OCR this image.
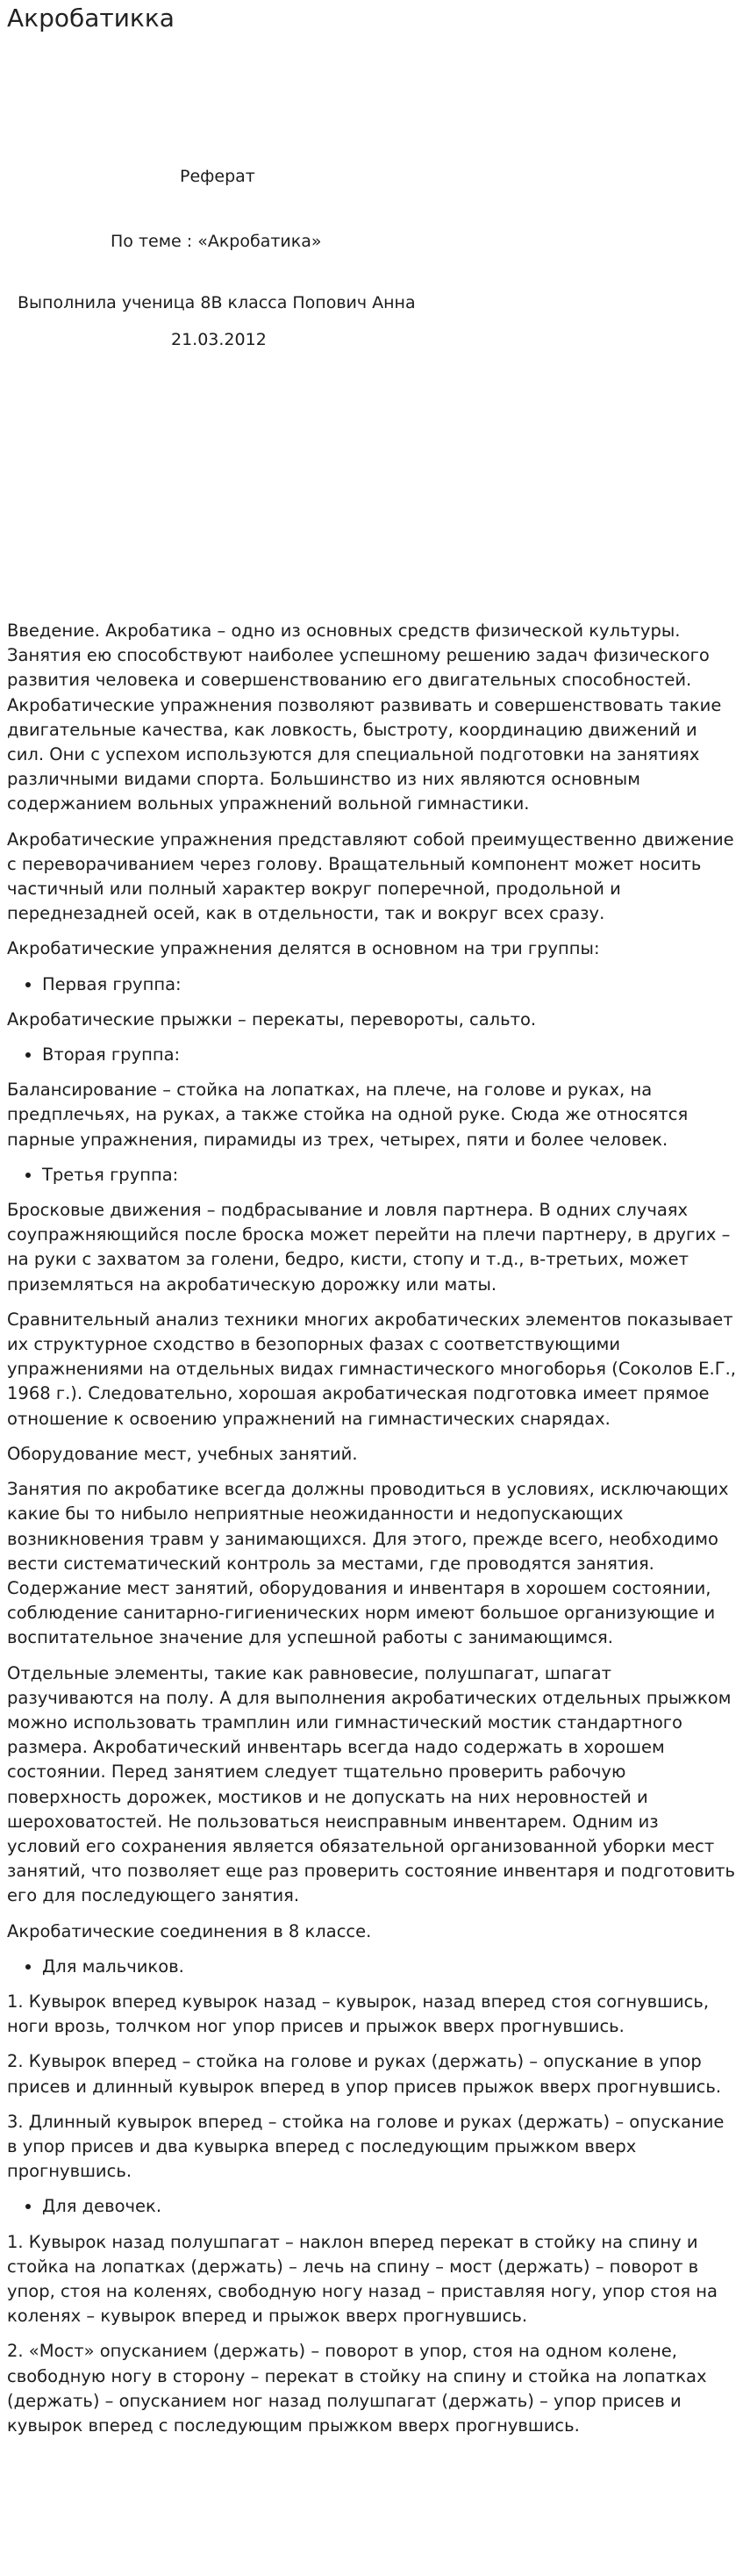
Акробатикка
Реферат
По теме : «Акробатика»
Выполнила ученица 8В класса Попович Анна
21.03.2012

Введение. Акробатика – одно из основных средств физической культуры. Занятия ею способствуют наиболее успешному решению задач физического развития человека и совершенствованию его двигательных способностей. Акробатические упражнения позволяют развивать и совершенствовать такие двигательные качества, как ловкость, быстроту, координацию движений и сил. Они с успехом используются для специальной подготовки на занятиях различными видами спорта. Большинство из них являются основным содержанием вольных упражнений вольной гимнастики.

Акробатические упражнения представляют собой преимущественно движение с переворачиванием через голову. Вращательный компонент может носить частичный или полный характер вокруг поперечной, продольной и переднезадней осей, как в отдельности, так и вокруг всех сразу.

Акробатические упражнения делятся в основном на три группы:

• Первая группа:

Акробатические прыжки – перекаты, перевороты, сальто.

• Вторая группа:

Балансирование – стойка на лопатках, на плече, на голове и руках, на предплечьях, на руках, а также стойка на одной руке. Сюда же относятся парные упражнения, пирамиды из трех, четырех, пяти и более человек.

• Третья группа:

Бросковые движения – подбрасывание и ловля партнера. В одних случаях соупражняющийся после броска может перейти на плечи партнеру, в других – на руки с захватом за голени, бедро, кисти, стопу и т.д., в-третьих, может приземляться на акробатическую дорожку или маты.

Сравнительный анализ техники многих акробатических элементов показывает их структурное сходство в безопорных фазах с соответствующими упражнениями на отдельных видах гимнастического многоборья (Соколов Е.Г., 1968 г.). Следовательно, хорошая акробатическая подготовка имеет прямое отношение к освоению упражнений на гимнастических снарядах.

Оборудование мест, учебных занятий.

Занятия по акробатике всегда должны проводиться в условиях, исключающих какие бы то нибыло неприятные неожиданности и недопускающих возникновения травм у занимающихся. Для этого, прежде всего, необходимо вести систематический контроль за местами, где проводятся занятия. Содержание мест занятий, оборудования и инвентаря в хорошем состоянии, соблюдение санитарно-гигиенических норм имеют большое организующие и воспитательное значение для успешной работы с занимающимся.

Отдельные элементы, такие как равновесие, полушпагат, шпагат разучиваются на полу. А для выполнения акробатических отдельных прыжком можно использовать трамплин или гимнастический мостик стандартного размера. Акробатический инвентарь всегда надо содержать в хорошем состоянии. Перед занятием следует тщательно проверить рабочую поверхность дорожек, мостиков и не допускать на них неровностей и шероховатостей. Не пользоваться неисправным инвентарем. Одним из условий его сохранения является обязательной организованной уборки мест занятий, что позволяет еще раз проверить состояние инвентаря и подготовить его для последующего занятия.

Акробатические соединения в 8 классе.

• Для мальчиков.

1. Кувырок вперед кувырок назад – кувырок, назад вперед стоя согнувшись, ноги врозь, толчком ног упор присев и прыжок вверх прогнувшись.

2. Кувырок вперед – стойка на голове и руках (держать) – опускание в упор присев и длинный кувырок вперед в упор присев прыжок вверх прогнувшись.

3. Длинный кувырок вперед – стойка на голове и руках (держать) – опускание в упор присев и два кувырка вперед с последующим прыжком вверх прогнувшись.

• Для девочек.

1. Кувырок назад полушпагат – наклон вперед перекат в стойку на спину и стойка на лопатках (держать) – лечь на спину – мост (держать) – поворот в упор, стоя на коленях, свободную ногу назад – приставляя ногу, упор стоя на коленях – кувырок вперед и прыжок вверх прогнувшись.

2. «Мост» опусканием (держать) – поворот в упор, стоя на одном колене, свободную ногу в сторону – перекат в стойку на спину и стойка на лопатках (держать) – опусканием ног назад полушпагат (держать) – упор присев и кувырок вперед с последующим прыжком вверх прогнувшись.
